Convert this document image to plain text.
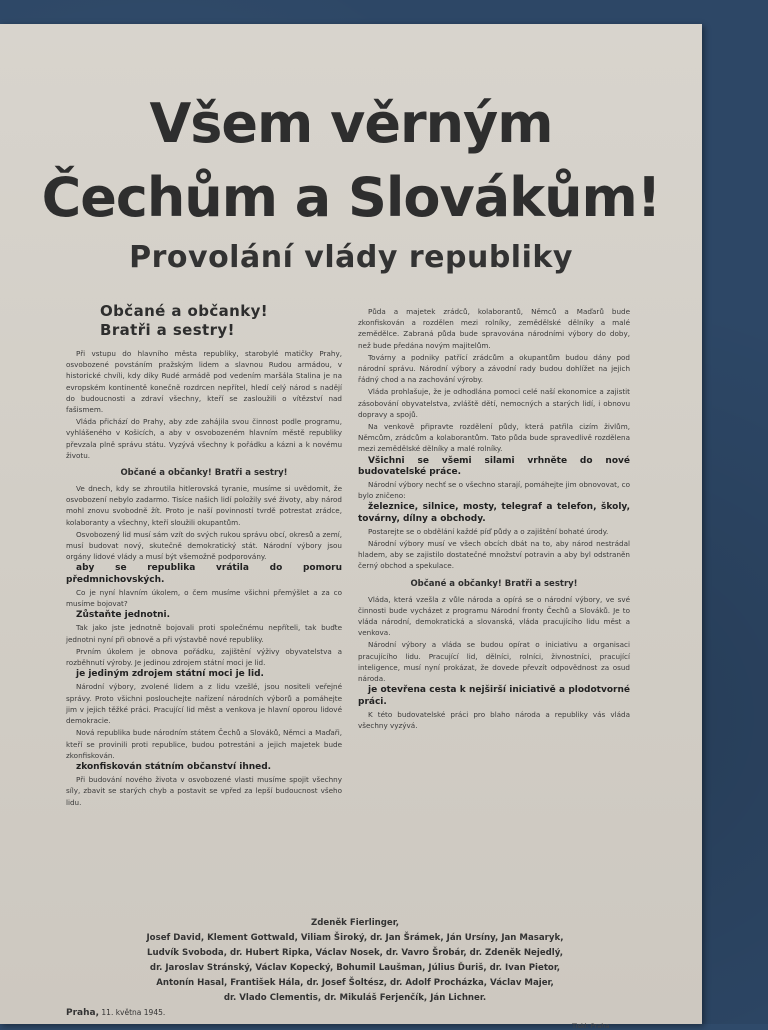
Všem věrným
Čechům a Slovákům!
Provolání vlády republiky
Občané a občanky!
Bratři a sestry!
Při vstupu do hlavního města republiky, starobylé matičky Prahy, osvobozené povstáním pražským lidem a slavnou Rudou armádou, v historické chvíli, kdy díky Rudé armádě pod vedením maršála Stalina je na evropském kontinentě konečně rozdrcen nepřítel, hledí celý národ s nadějí do budoucnosti a zdraví všechny, kteří se zasloužili o vítězství nad fašismem.
Vláda přichází do Prahy, aby zde zahájila svou činnost podle programu, vyhlášeného v Košicích, a aby v osvobozeném hlavním městě republiky převzala plně správu státu. Vyzývá všechny k pořádku a kázni a k novému životu.
Občané a občanky! Bratři a sestry!
Ve dnech, kdy se zhroutila hitlerovská tyranie, musíme si uvědomit, že osvobození nebylo zadarmo. Tisíce našich lidí položily své životy, aby národ mohl znovu svobodně žít. Proto je naší povinností tvrdě potrestat zrádce, kolaboranty a všechny, kteří sloužili okupantům.
Osvobozený lid musí sám vzít do svých rukou správu obcí, okresů a zemí, musí budovat nový, skutečně demokratický stát. Národní výbory jsou orgány lidové vlády a musí být všemožně podporovány.
aby se republika vrátila do pomoru předmnichovských.
Co je nyní hlavním úkolem, o čem musíme všichni přemýšlet a za co musíme bojovat?
Zůstaňte jednotni.
Tak jako jste jednotně bojovali proti společnému nepříteli, tak buďte jednotni nyní při obnově a při výstavbě nové republiky.
Prvním úkolem je obnova pořádku, zajištění výživy obyvatelstva a rozběhnutí výroby. Je jedinou zdrojem státní moci je lid.
je jediným zdrojem státní moci je lid.
Národní výbory, zvolené lidem a z lidu vzešlé, jsou nositeli veřejné správy. Proto všichni poslouchejte nařízení národních výborů a pomáhejte jim v jejich těžké práci. Pracující lid měst a venkova je hlavní oporou lidové demokracie.
Nová republika bude národním státem Čechů a Slováků, Němci a Maďaři, kteří se provinili proti republice, budou potrestáni a jejich majetek bude zkonfiskován.
zkonfiskován státním občanství ihned.
Při budování nového života v osvobozené vlasti musíme spojit všechny síly, zbavit se starých chyb a postavit se vpřed za lepší budoucnost všeho lidu.
Půda a majetek zrádců, kolaborantů, Němců a Maďarů bude zkonfiskován a rozdělen mezi rolníky, zemědělské dělníky a malé zemědělce. Zabraná půda bude spravována národními výbory do doby, než bude předána novým majitelům.
Továrny a podniky patřící zrádcům a okupantům budou dány pod národní správu. Národní výbory a závodní rady budou dohlížet na jejich řádný chod a na zachování výroby.
Vláda prohlašuje, že je odhodlána pomoci celé naší ekonomice a zajistit zásobování obyvatelstva, zvláště dětí, nemocných a starých lidí, i obnovu dopravy a spojů.
Na venkově připravte rozdělení půdy, která patřila cizím živlům, Němcům, zrádcům a kolaborantům. Tato půda bude spravedlivě rozdělena mezi zemědělské dělníky a malé rolníky.
Všichni se všemi silami vrhněte do nové budovatelské práce.
Národní výbory nechť se o všechno starají, pomáhejte jim obnovovat, co bylo zničeno:
železnice, silnice, mosty, telegraf a telefon, školy, továrny, dílny a obchody.
Postarejte se o obdělání každé píď půdy a o zajištění bohaté úrody.
Národní výbory musí ve všech obcích dbát na to, aby národ nestrádal hladem, aby se zajistilo dostatečné množství potravin a aby byl odstraněn černý obchod a spekulace.
Občané a občanky! Bratři a sestry!
Vláda, která vzešla z vůle národa a opírá se o národní výbory, ve své činnosti bude vycházet z programu Národní fronty Čechů a Slováků. Je to vláda národní, demokratická a slovanská, vláda pracujícího lidu měst a venkova.
Národní výbory a vláda se budou opírat o iniciativu a organisaci pracujícího lidu. Pracující lid, dělníci, rolníci, živnostníci, pracující inteligence, musí nyní prokázat, že dovede převzít odpovědnost za osud národa.
je otevřena cesta k nejširší iniciativě a plodotvorné práci.
K této budovatelské práci pro blaho národa a republiky vás vláda všechny vyzývá.
Zdeněk Fierlinger,
Josef David, Klement Gottwald, Viliam Široký, dr. Jan Šrámek, Ján Ursíny, Jan Masaryk,
Ludvík Svoboda, dr. Hubert Ripka, Václav Nosek, dr. Vavro Šrobár, dr. Zdeněk Nejedlý,
dr. Jaroslav Stránský, Václav Kopecký, Bohumil Laušman, Július Ďuriš, dr. Ivan Pietor,
Antonín Hasal, František Hála, dr. Josef Šoltész, dr. Adolf Procházka, Václav Majer,
dr. Vlado Clementis, dr. Mikuláš Ferjenčík, Ján Lichner.
Praha, 11. května 1945.
Tiskl: Praha
